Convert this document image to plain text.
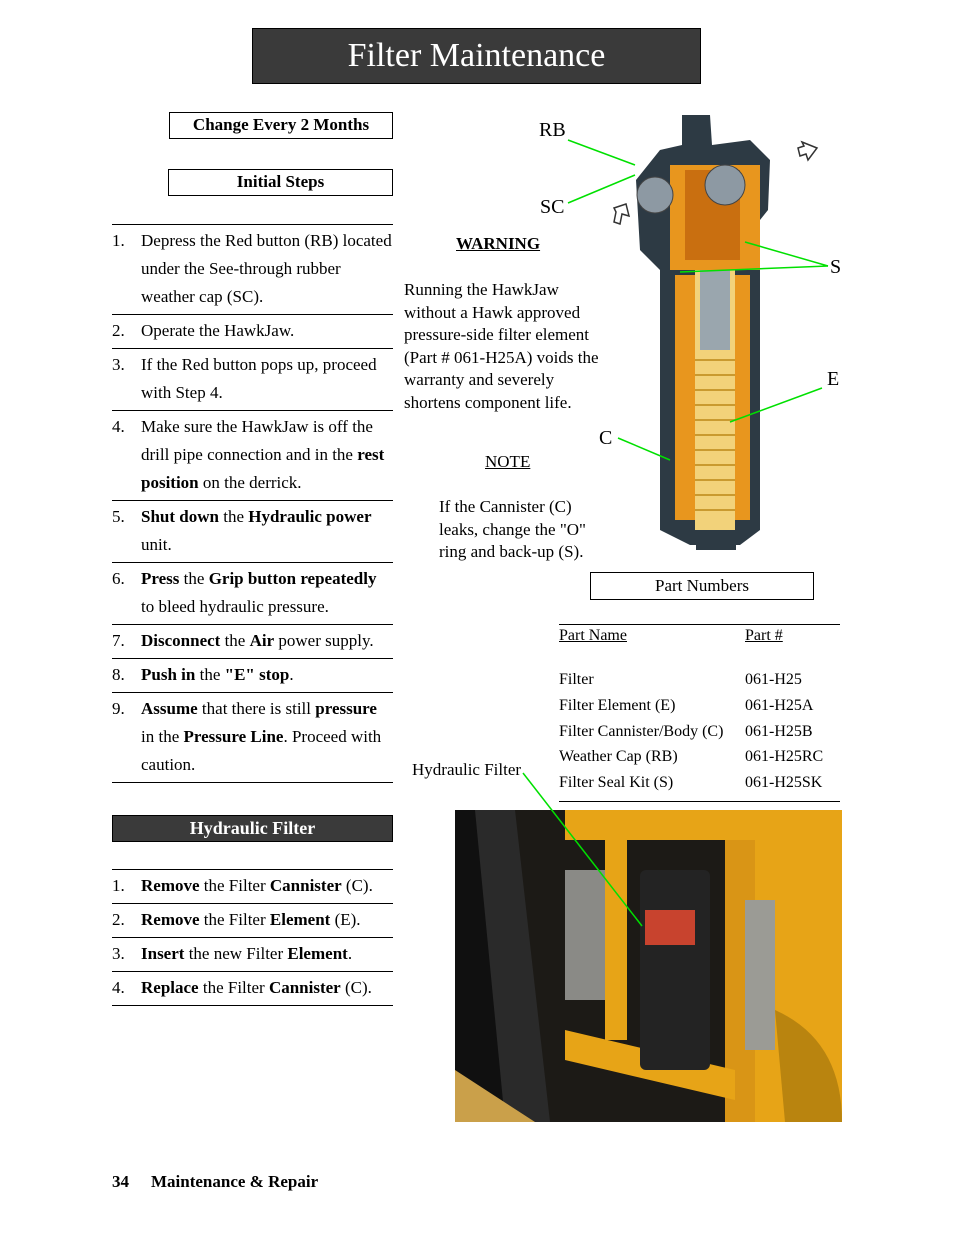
Filter Maintenance
Change Every 2 Months
Initial Steps
1. Depress the Red button (RB) located under the See-through rubber weather cap (SC).
2. Operate the HawkJaw.
3. If the Red button pops up, proceed with Step 4.
4. Make sure the HawkJaw is off the drill pipe connection and in the rest position on the derrick.
5. Shut down the Hydraulic power unit.
6. Press the Grip button repeatedly to bleed hydraulic pressure.
7. Disconnect the Air power supply.
8. Push in the "E" stop.
9. Assume that there is still pressure in the Pressure Line. Proceed with caution.
Hydraulic Filter
1. Remove the Filter Cannister (C).
2. Remove the Filter Element (E).
3. Insert the new Filter Element.
4. Replace the Filter Cannister (C).
WARNING
Running the HawkJaw without a Hawk approved pressure-side filter element (Part # 061-H25A) voids the warranty and severely shortens component life.
NOTE
If the Cannister (C) leaks, change the "O" ring and back-up (S).
RB
SC
S
E
C
Part Numbers
Part Name	Part #
Filter	061-H25
Filter Element (E)	061-H25A
Filter Cannister/Body (C)	061-H25B
Weather Cap (RB)	061-H25RC
Filter Seal Kit (S)	061-H25SK
Hydraulic Filter
34 Maintenance & Repair
